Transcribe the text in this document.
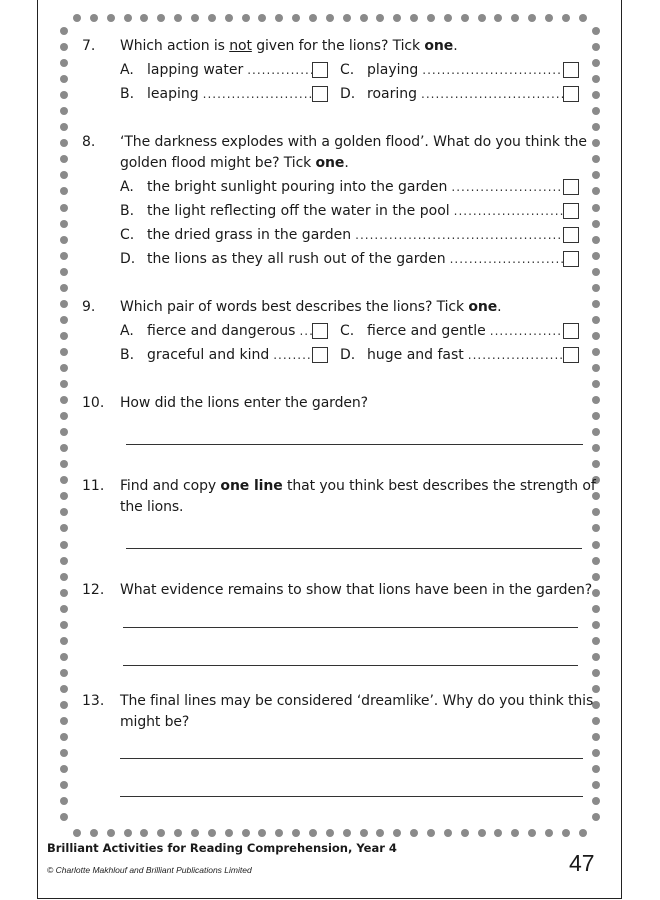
7. Which action is not given for the lions? Tick one.
A. lapping water
.....
B. leaping
.....
C. playing
.....
D. roaring
.....
8. ‘The darkness explodes with a golden flood’. What do you think the
golden flood might be? Tick one.
A. the bright sunlight pouring into the garden
.....
B. the light reflecting off the water in the pool
.....
C. the dried grass in the garden
.....
D. the lions as they all rush out of the garden
.....
9. Which pair of words best describes the lions? Tick one.
A. fierce and dangerous
.....
B. graceful and kind
.....
C. fierce and gentle
.....
D. huge and fast
.....
10. How did the lions enter the garden?
11. Find and copy one line that you think best describes the strength of
the lions.
12. What evidence remains to show that lions have been in the garden?
13. The final lines may be considered ‘dreamlike’. Why do you think this
might be?
Brilliant Activities for Reading Comprehension, Year 4
© Charlotte Makhlouf and Brilliant Publications Limited	47
